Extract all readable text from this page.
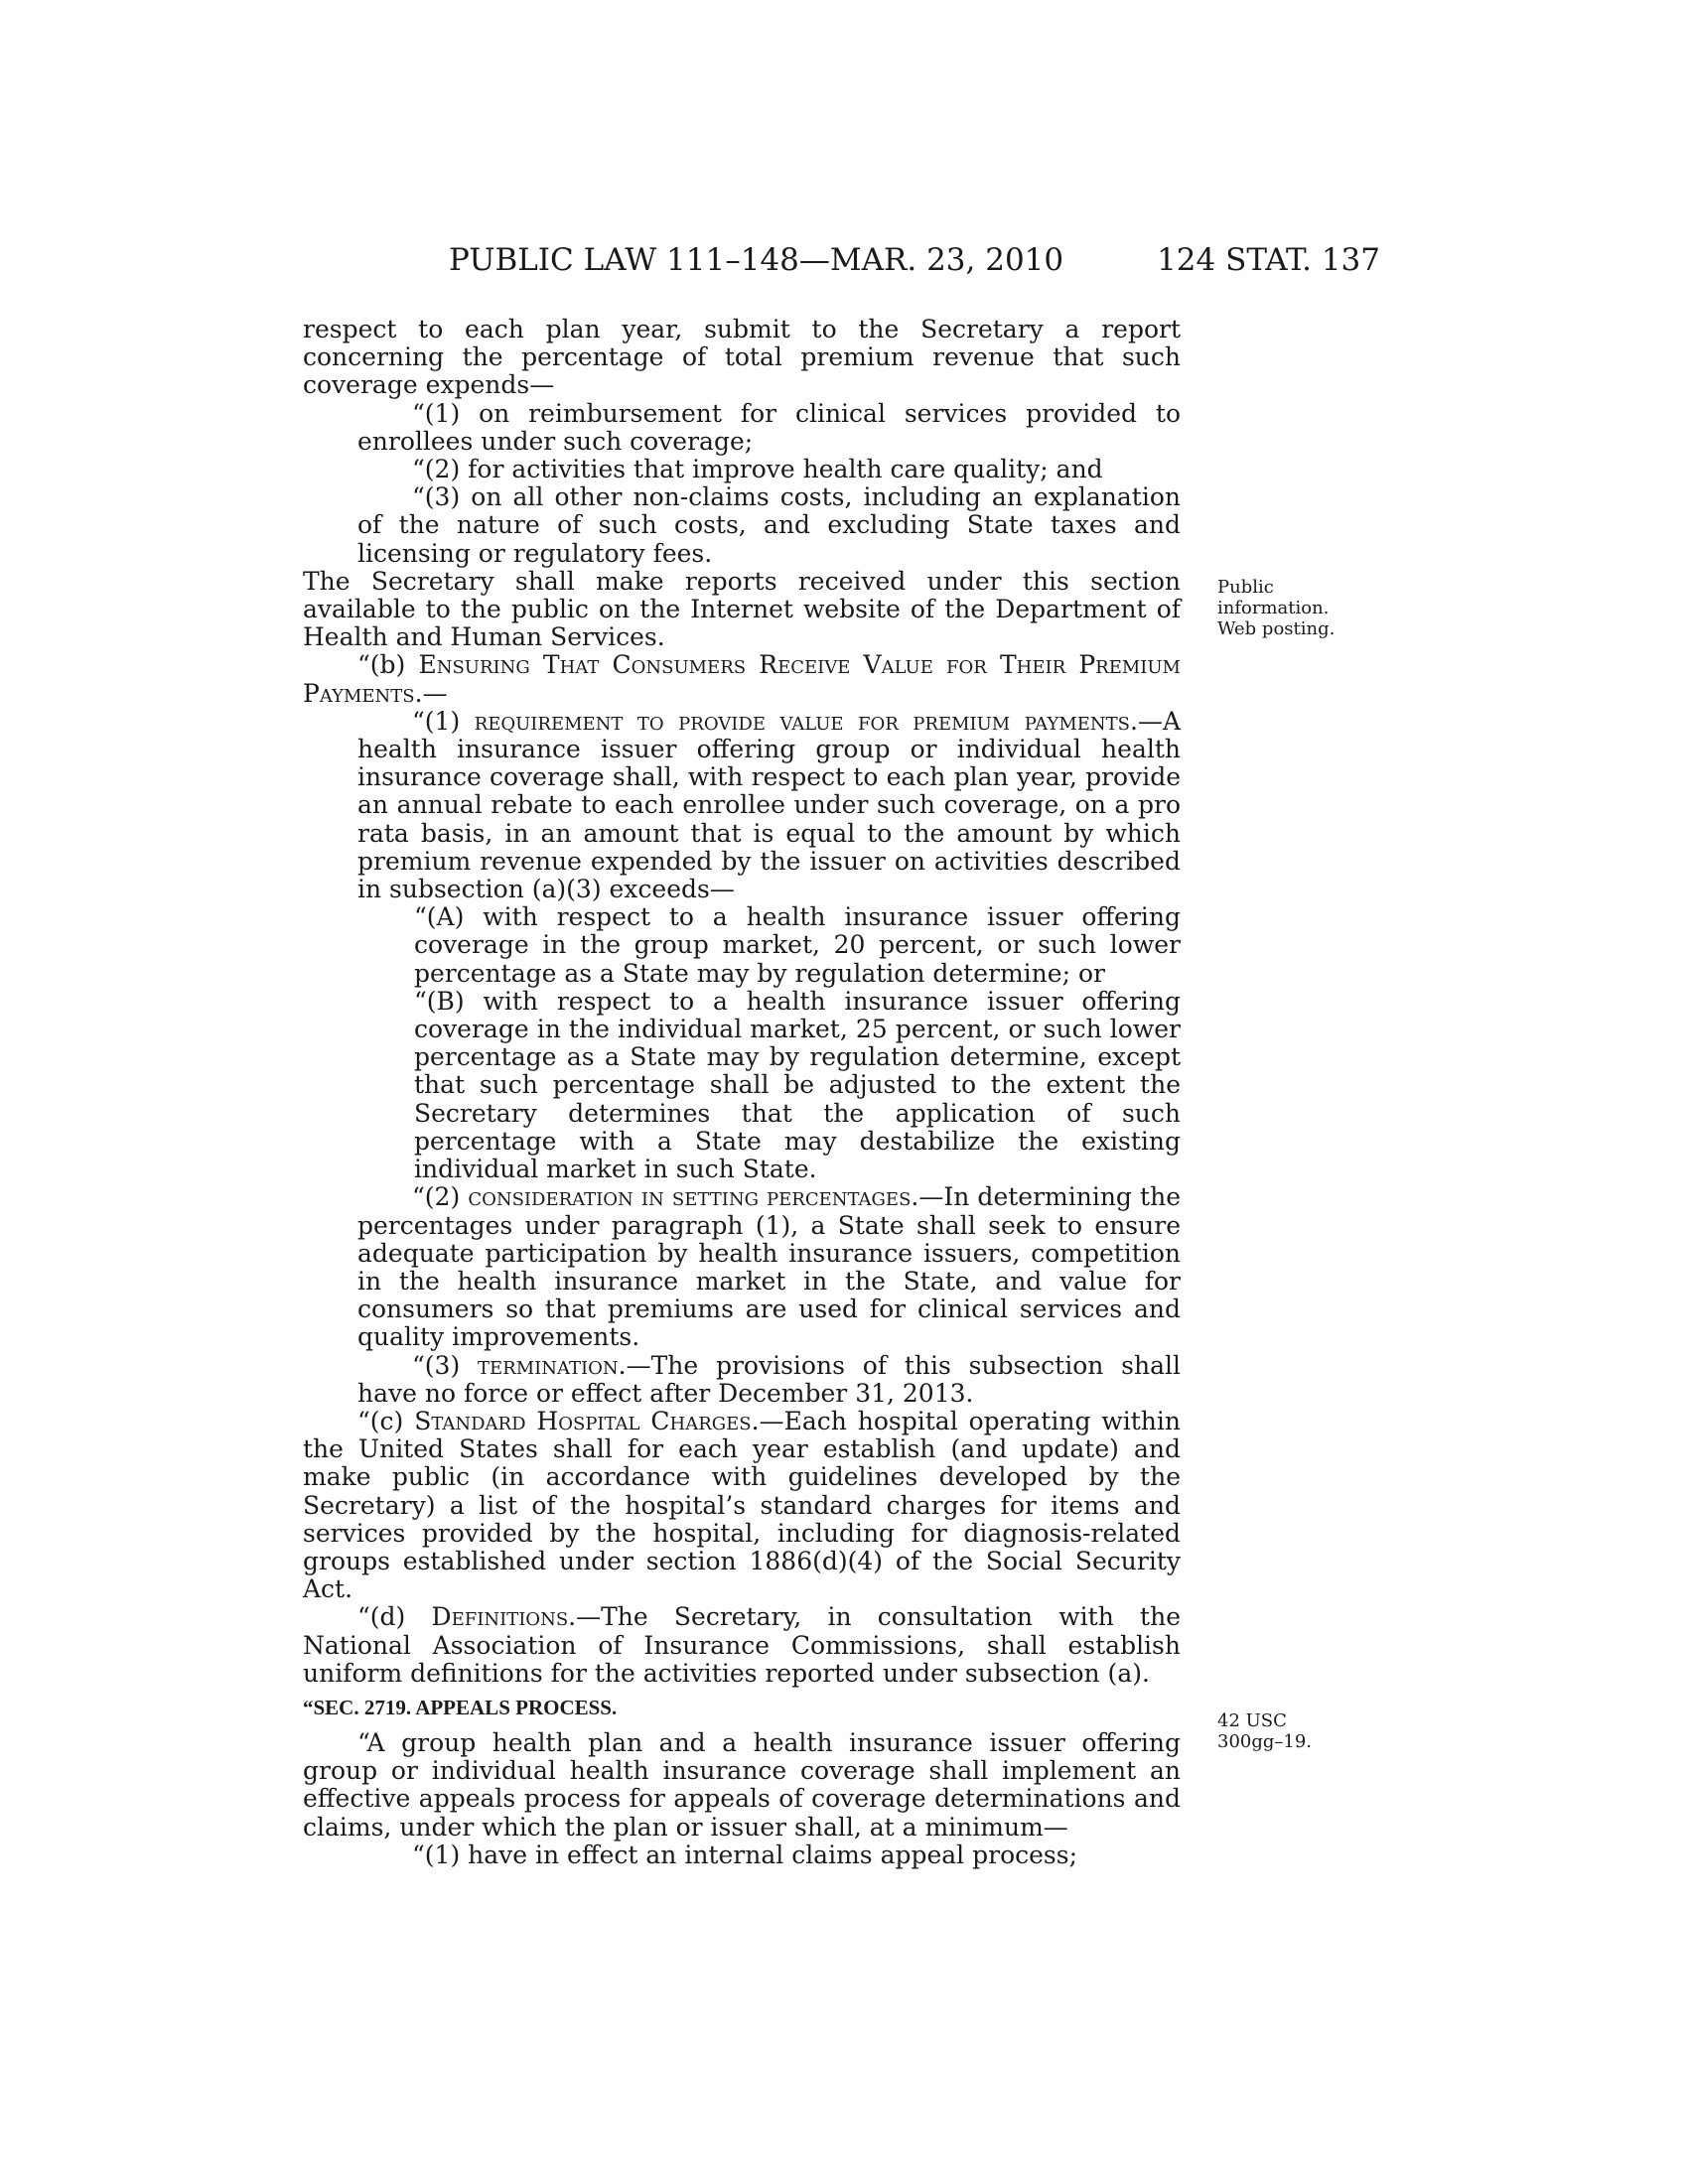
PUBLIC LAW 111–148—MAR. 23, 2010	124 STAT. 137

respect to each plan year, submit to the Secretary a report concerning the percentage of total premium revenue that such coverage expends—

“(1) on reimbursement for clinical services provided to enrollees under such coverage;

“(2) for activities that improve health care quality; and

“(3) on all other non-claims costs, including an explanation of the nature of such costs, and excluding State taxes and licensing or regulatory fees.

The Secretary shall make reports received under this section available to the public on the Internet website of the Department of Health and Human Services.

“(b) Ensuring That Consumers Receive Value for Their Premium Payments.—

“(1) requirement to provide value for premium payments.—A health insurance issuer offering group or individual health insurance coverage shall, with respect to each plan year, provide an annual rebate to each enrollee under such coverage, on a pro rata basis, in an amount that is equal to the amount by which premium revenue expended by the issuer on activities described in subsection (a)(3) exceeds—

“(A) with respect to a health insurance issuer offering coverage in the group market, 20 percent, or such lower percentage as a State may by regulation determine; or

“(B) with respect to a health insurance issuer offering coverage in the individual market, 25 percent, or such lower percentage as a State may by regulation determine, except that such percentage shall be adjusted to the extent the Secretary determines that the application of such percentage with a State may destabilize the existing individual market in such State.

“(2) consideration in setting percentages.—In determining the percentages under paragraph (1), a State shall seek to ensure adequate participation by health insurance issuers, competition in the health insurance market in the State, and value for consumers so that premiums are used for clinical services and quality improvements.

“(3) termination.—The provisions of this subsection shall have no force or effect after December 31, 2013.

“(c) Standard Hospital Charges.—Each hospital operating within the United States shall for each year establish (and update) and make public (in accordance with guidelines developed by the Secretary) a list of the hospital’s standard charges for items and services provided by the hospital, including for diagnosis-related groups established under section 1886(d)(4) of the Social Security Act.

“(d) Definitions.—The Secretary, in consultation with the National Association of Insurance Commissions, shall establish uniform definitions for the activities reported under subsection (a).

“SEC. 2719. APPEALS PROCESS.

“A group health plan and a health insurance issuer offering group or individual health insurance coverage shall implement an effective appeals process for appeals of coverage determinations and claims, under which the plan or issuer shall, at a minimum—

“(1) have in effect an internal claims appeal process;

Public
information.
Web posting.
42 USC
300gg–19.
